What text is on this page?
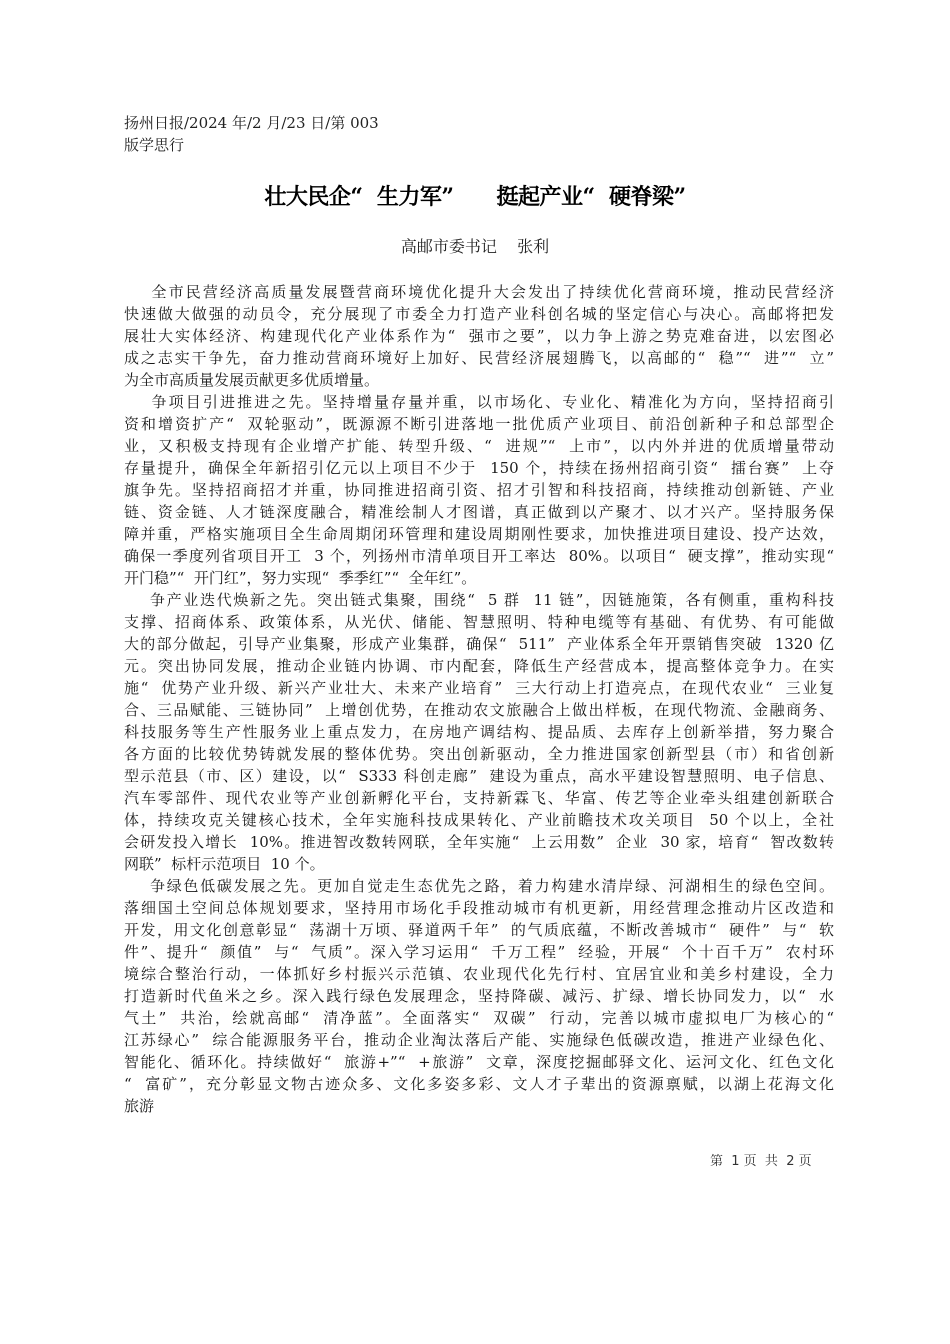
扬州日报/2024 年/2 月/23 日/第 003
版学思行
壮大民企“  生力军”      挺起产业“  硬脊梁”
高邮市委书记    张利
全市民营经济高质量发展暨营商环境优化提升大会发出了持续优化营商环境，推动民营经济
快速做大做强的动员令，充分展现了市委全力打造产业科创名城的坚定信心与决心。高邮将把发
展壮大实体经济、构建现代化产业体系作为“  强市之要”，以力争上游之势克难奋进，以宏图必
成之志实干争先，奋力推动营商环境好上加好、民营经济展翅腾飞，以高邮的“  稳”“  进”“  立”
为全市高质量发展贡献更多优质增量。
争项目引进推进之先。坚持增量存量并重，以市场化、专业化、精准化为方向，坚持招商引
资和增资扩产“  双轮驱动”，既源源不断引进落地一批优质产业项目、前沿创新种子和总部型企
业，又积极支持现有企业增产扩能、转型升级、“  进规”“  上市”，以内外并进的优质增量带动
存量提升，确保全年新招引亿元以上项目不少于  150 个，持续在扬州招商引资“  擂台赛”  上夺
旗争先。坚持招商招才并重，协同推进招商引资、招才引智和科技招商，持续推动创新链、产业
链、资金链、人才链深度融合，精准绘制人才图谱，真正做到以产聚才、以才兴产。坚持服务保
障并重，严格实施项目全生命周期闭环管理和建设周期刚性要求，加快推进项目建设、投产达效，
确保一季度列省项目开工  3 个，列扬州市清单项目开工率达  80%。以项目“  硬支撑”，推动实现“
开门稳”“  开门红”，努力实现“  季季红”“  全年红”。
争产业迭代焕新之先。突出链式集聚，围绕“  5 群  11 链”，因链施策，各有侧重，重构科技
支撑、招商体系、政策体系，从光伏、储能、智慧照明、特种电缆等有基础、有优势、有可能做
大的部分做起，引导产业集聚，形成产业集群，确保“  511”  产业体系全年开票销售突破  1320 亿
元。突出协同发展，推动企业链内协调、市内配套，降低生产经营成本，提高整体竞争力。在实
施“  优势产业升级、新兴产业壮大、未来产业培育”  三大行动上打造亮点，在现代农业“  三业复
合、三品赋能、三链协同”  上增创优势，在推动农文旅融合上做出样板，在现代物流、金融商务、
科技服务等生产性服务业上重点发力，在房地产调结构、提品质、去库存上创新举措，努力聚合
各方面的比较优势铸就发展的整体优势。突出创新驱动，全力推进国家创新型县（市）和省创新
型示范县（市、区）建设，以“  S333 科创走廊”  建设为重点，高水平建设智慧照明、电子信息、
汽车零部件、现代农业等产业创新孵化平台，支持新霖飞、华富、传艺等企业牵头组建创新联合
体，持续攻克关键核心技术，全年实施科技成果转化、产业前瞻技术攻关项目  50 个以上，全社
会研发投入增长  10%。推进智改数转网联，全年实施“  上云用数”  企业  30 家，培育“  智改数转
网联”  标杆示范项目  10 个。
争绿色低碳发展之先。更加自觉走生态优先之路，着力构建水清岸绿、河湖相生的绿色空间。
落细国土空间总体规划要求，坚持用市场化手段推动城市有机更新，用经营理念推动片区改造和
开发，用文化创意彰显“  荡湖十万顷、驿道两千年”  的气质底蕴，不断改善城市“  硬件”  与“  软
件”、提升“  颜值”  与“  气质”。深入学习运用“  千万工程”  经验，开展“  个十百千万”  农村环
境综合整治行动，一体抓好乡村振兴示范镇、农业现代化先行村、宜居宜业和美乡村建设，全力
打造新时代鱼米之乡。深入践行绿色发展理念，坚持降碳、减污、扩绿、增长协同发力，以“  水
气土”  共治，绘就高邮“  清净蓝”。全面落实“  双碳”  行动，完善以城市虚拟电厂为核心的“
江苏绿心”  综合能源服务平台，推动企业淘汰落后产能、实施绿色低碳改造，推进产业绿色化、
智能化、循环化。持续做好“  旅游+”“  +旅游”  文章，深度挖掘邮驿文化、运河文化、红色文化
“  富矿”，充分彰显文物古迹众多、文化多姿多彩、文人才子辈出的资源禀赋，以湖上花海文化
旅游
第  1 页  共  2 页
